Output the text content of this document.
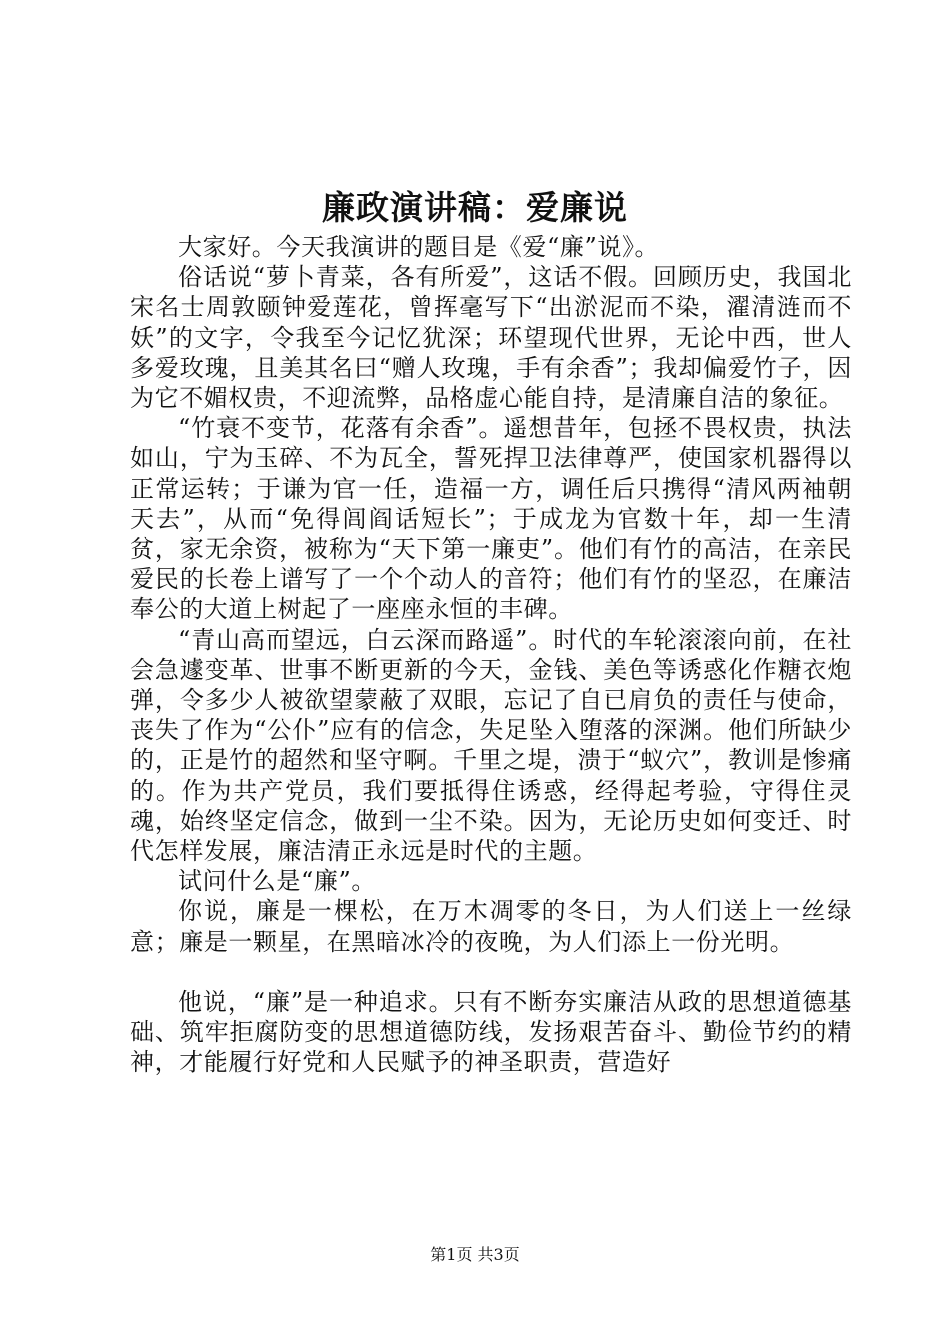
廉政演讲稿：爱廉说

大家好。今天我演讲的题目是《爱“廉”说》。

俗话说“萝卜青菜，各有所爱”，这话不假。回顾历史，我国北宋名士周敦颐钟爱莲花，曾挥毫写下“出淤泥而不染，濯清涟而不妖”的文字，令我至今记忆犹深；环望现代世界，无论中西，世人多爱玫瑰，且美其名曰“赠人玫瑰，手有余香”；我却偏爱竹子，因为它不媚权贵，不迎流弊，品格虚心能自持，是清廉自洁的象征。

“竹衰不变节，花落有余香”。遥想昔年，包拯不畏权贵，执法如山，宁为玉碎、不为瓦全，誓死捍卫法律尊严，使国家机器得以正常运转；于谦为官一任，造福一方，调任后只携得“清风两袖朝天去”，从而“免得闾阎话短长”；于成龙为官数十年，却一生清贫，家无余资，被称为“天下第一廉吏”。他们有竹的高洁，在亲民爱民的长卷上谱写了一个个动人的音符；他们有竹的坚忍，在廉洁奉公的大道上树起了一座座永恒的丰碑。

“青山高而望远，白云深而路遥”。时代的车轮滚滚向前，在社会急遽变革、世事不断更新的今天，金钱、美色等诱惑化作糖衣炮弹，令多少人被欲望蒙蔽了双眼，忘记了自已肩负的责任与使命，丧失了作为“公仆”应有的信念，失足坠入堕落的深渊。他们所缺少的，正是竹的超然和坚守啊。千里之堤，溃于“蚁穴”，教训是惨痛的。作为共产党员，我们要抵得住诱惑，经得起考验，守得住灵魂，始终坚定信念，做到一尘不染。因为，无论历史如何变迁、时代怎样发展，廉洁清正永远是时代的主题。

试问什么是“廉”。

你说，廉是一棵松，在万木凋零的冬日，为人们送上一丝绿意；廉是一颗星，在黑暗冰冷的夜晚，为人们添上一份光明。

他说，“廉”是一种追求。只有不断夯实廉洁从政的思想道德基础、筑牢拒腐防变的思想道德防线，发扬艰苦奋斗、勤俭节约的精神，才能履行好党和人民赋予的神圣职责，营造好

第1页 共3页
